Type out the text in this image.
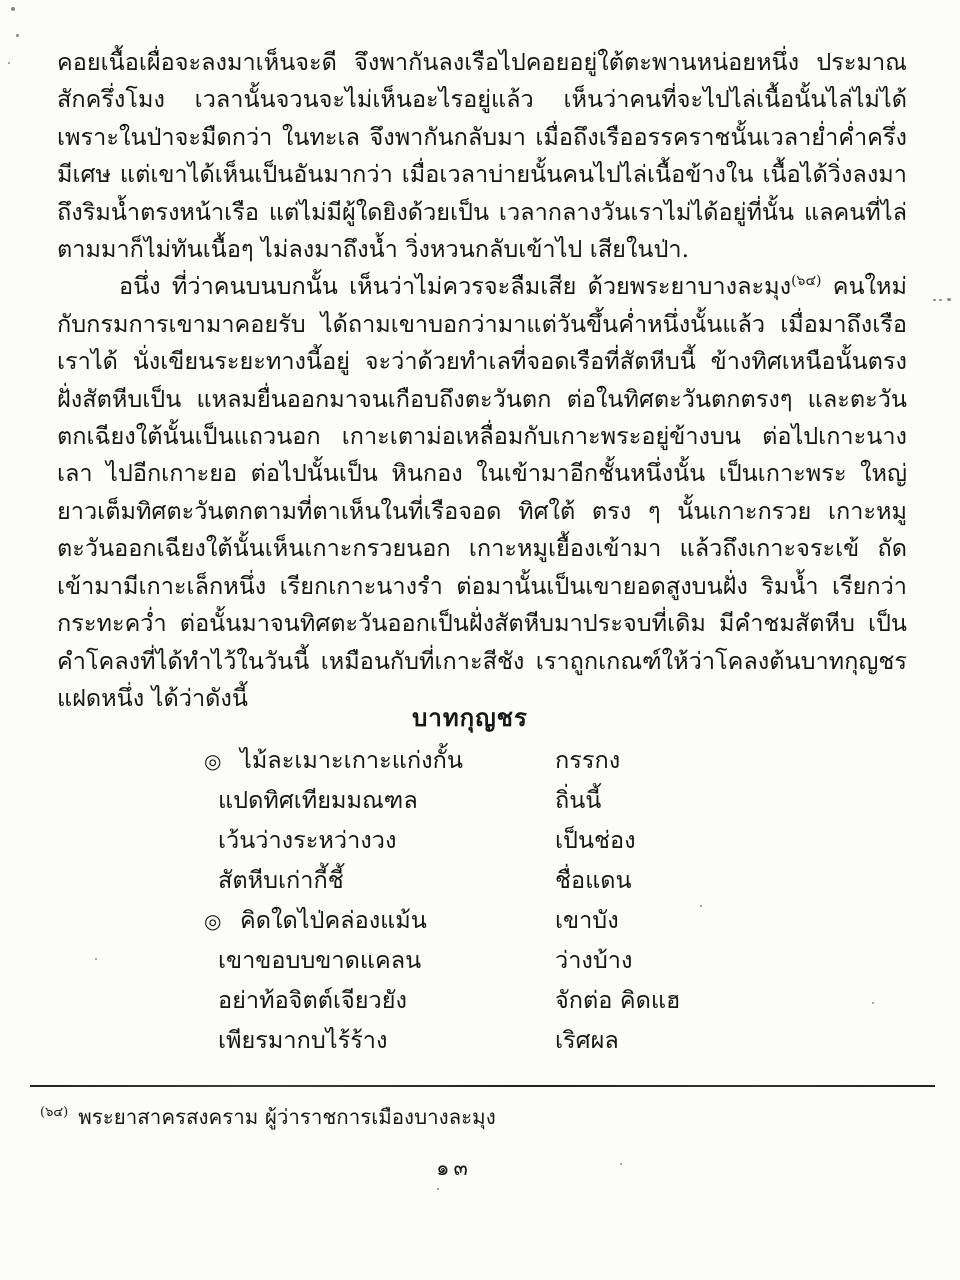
คอยเนื้อเผื่อจะลงมาเห็นจะดี จึงพากันลงเรือไปคอยอยู่ใต้ตะพานหน่อยหนึ่ง ประมาณสักครึ่งโมง เวลานั้นจวนจะไม่เห็นอะไรอยู่แล้ว เห็นว่าคนที่จะไปไล่เนื้อนั้นไล่ไม่ได้ เพราะในป่าจะมืดกว่า ในทะเล จึงพากันกลับมา เมื่อถึงเรืออรรคราชนั้นเวลาย่ำค่ำครึ่งมีเศษ แต่เขาได้เห็นเป็นอันมากว่า เมื่อเวลาบ่ายนั้นคนไปไล่เนื้อข้างใน เนื้อได้วิ่งลงมาถึงริมน้ำตรงหน้าเรือ แต่ไม่มีผู้ใดยิงด้วยเป็น เวลากลางวันเราไม่ได้อยู่ที่นั้น แลคนที่ไล่ตามมาก็ไม่ทันเนื้อๆ ไม่ลงมาถึงน้ำ วิ่งหวนกลับเข้าไป เสียในป่า.

อนึ่ง ที่ว่าคนบนบกนั้น เห็นว่าไม่ควรจะลืมเสีย ด้วยพระยาบางละมุง$^{(๖๔)}$ คนใหม่ กับกรมการเขามาคอยรับ ได้ถามเขาบอกว่ามาแต่วันขึ้นค่ำหนึ่งนั้นแล้ว เมื่อมาถึงเรือเราได้ นั่งเขียนระยะทางนี้อยู่ จะว่าด้วยทำเลที่จอดเรือที่สัตหีบนี้ ข้างทิศเหนือนั้นตรงฝั่งสัตหีบเป็น แหลมยื่นออกมาจนเกือบถึงตะวันตก ต่อในทิศตะวันตกตรงๆ และตะวันตกเฉียงใต้นั้นเป็นแถวนอก เกาะเตาม่อเหลื่อมกับเกาะพระอยู่ข้างบน ต่อไปเกาะนางเลา ไปอีกเกาะยอ ต่อไปนั้นเป็น หินกอง ในเข้ามาอีกชั้นหนึ่งนั้น เป็นเกาะพระ ใหญ่ยาวเต็มทิศตะวันตกตามที่ตาเห็นในที่เรือจอด ทิศใต้ ตรง ๆ นั้นเกาะกรวย เกาะหมู ตะวันออกเฉียงใต้นั้นเห็นเกาะกรวยนอก เกาะหมูเยื้องเข้ามา แล้วถึงเกาะจระเข้ ถัดเข้ามามีเกาะเล็กหนึ่ง เรียกเกาะนางรำ ต่อมานั้นเป็นเขายอดสูงบนฝั่ง ริมน้ำ เรียกว่ากระทะคว่ำ ต่อนั้นมาจนทิศตะวันออกเป็นฝั่งสัตหีบมาประจบที่เดิม มีคำชมสัตหีบ เป็นคำโคลงที่ได้ทำไว้ในวันนี้ เหมือนกับที่เกาะสีชัง เราถูกเกณฑ์ให้ว่าโคลงต้นบาทกุญชรแฝดหนึ่ง ได้ว่าดังนี้

บาทกุญชร
◎ ไม้ละเมาะเกาะแก่งกั้น	กรรกง
แปดทิศเทียมมณฑล	ถิ่นนี้
เว้นว่างระหว่างวง	เป็นช่อง
สัตหีบเก่ากี้ชี้	ชื่อแดน
◎ คิดใดไป่คล่องแม้น	เขาบัง
เขาขอบบขาดแคลน	ว่างบ้าง
อย่าท้อจิตต์เจียวยัง	จักต่อ คิดแฮ
เพียรมากบไร้ร้าง	เริศผล
$^{(๖๔)}$ พระยาสาครสงคราม ผู้ว่าราชการเมืองบางละมุง
๑๓
